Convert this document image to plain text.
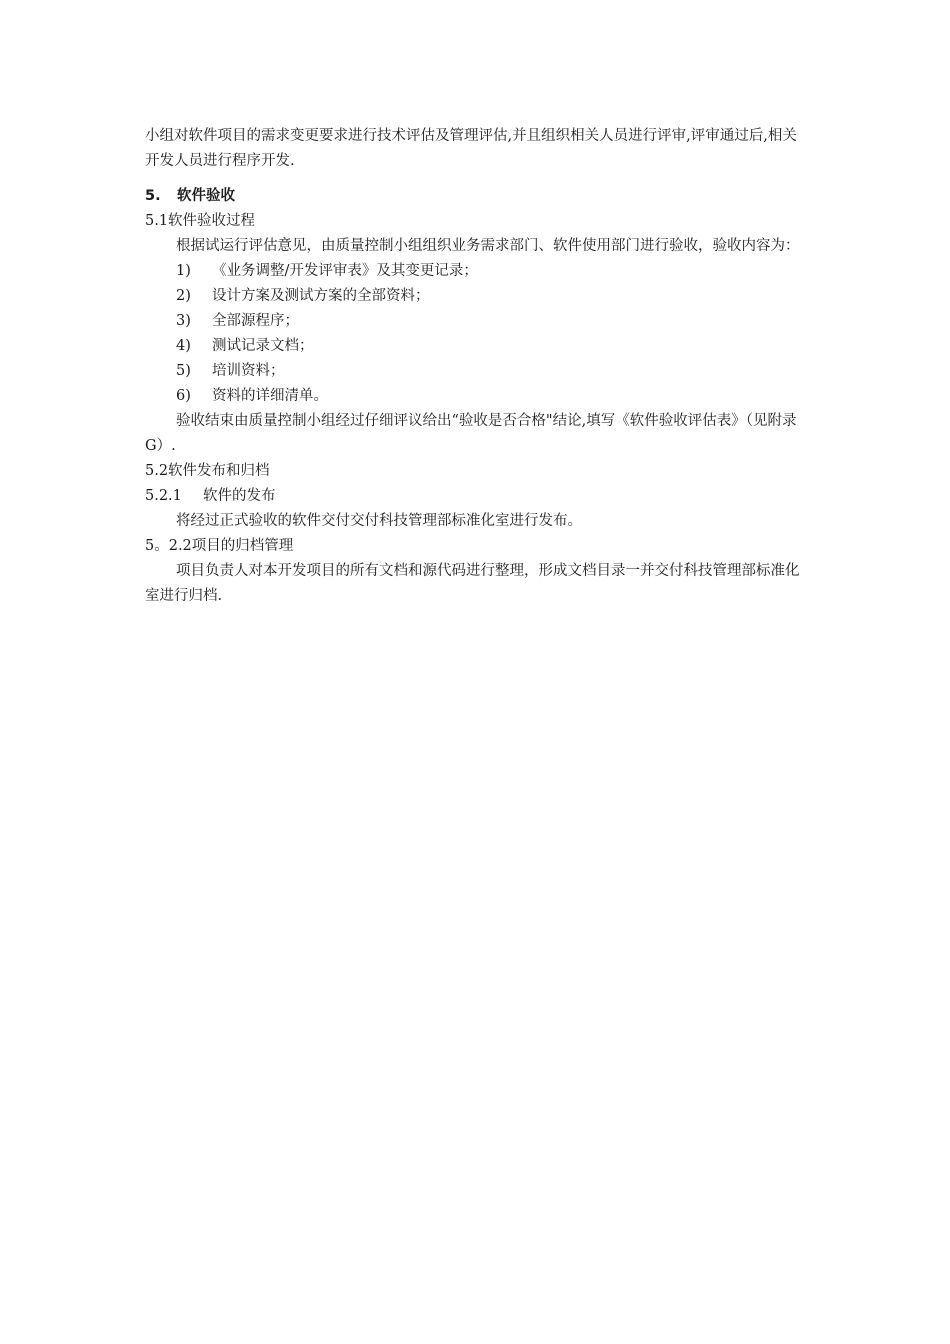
小组对软件项目的需求变更要求进行技术评估及管理评估,并且组织相关人员进行评审,评审通过后,相关开发人员进行程序开发.
5. 软件验收
5.1软件验收过程
根据试运行评估意见，由质量控制小组组织业务需求部门、软件使用部门进行验收，验收内容为：
1) 《业务调整/开发评审表》及其变更记录；
2) 设计方案及测试方案的全部资料；
3) 全部源程序；
4) 测试记录文档；
5) 培训资料；
6) 资料的详细清单。
验收结束由质量控制小组经过仔细评议给出“验收是否合格"结论,填写《软件验收评估表》（见附录G）.
5.2软件发布和归档
5.2.1 软件的发布
将经过正式验收的软件交付交付科技管理部标准化室进行发布。
5。2.2项目的归档管理
项目负责人对本开发项目的所有文档和源代码进行整理，形成文档目录一并交付科技管理部标准化室进行归档.
